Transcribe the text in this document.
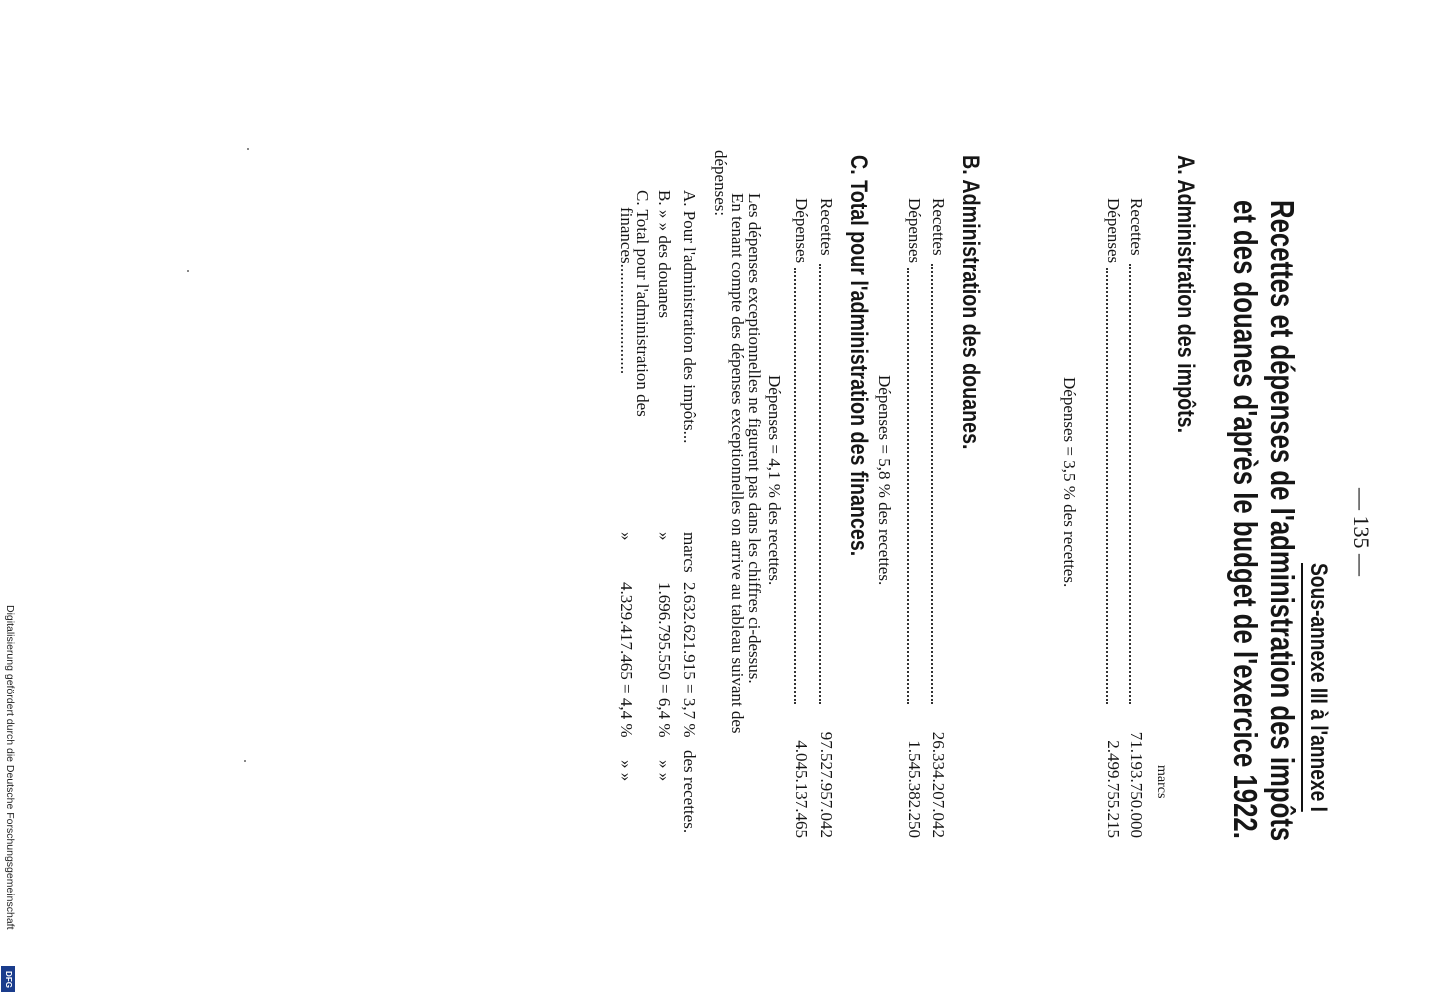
— 135 —
Sous-annexe III à l'annexe I
Recettes et dépenses de l'administration des impôts
et des douanes d'après le budget de l'exercice 1922.
A. Administration des impôts.
marcs
Recettes
71.193.750.000
Dépenses
2.499.755.215
Dépenses = 3,5 % des recettes.
B. Administration des douanes.
Recettes
26.334.207.042
Dépenses
1.545.382.250
Dépenses = 5,8 % des recettes.
C. Total pour l'administration des finances.
Recettes
97.527.957.042
Dépenses
4.045.137.465
Dépenses = 4,1 % des recettes.
Les dépenses exceptionnelles ne figurent pas dans les chiffres ci-dessus.
En tenant compte des dépenses exceptionnelles on arrive au tableau suivant des
dépenses:
A. Pour l'administration des impôts...
marcs
2.632.621.915 = 3,7 %
des recettes.
B. » » des douanes
»
1.696.795.550 = 6,4 %
» »
C. Total pour l'administration des
finances..........................
»
4.329.417.465 = 4,4 %
» »
Digitalisierung gefördert durch die Deutsche Forschungsgemeinschaft
DFG
